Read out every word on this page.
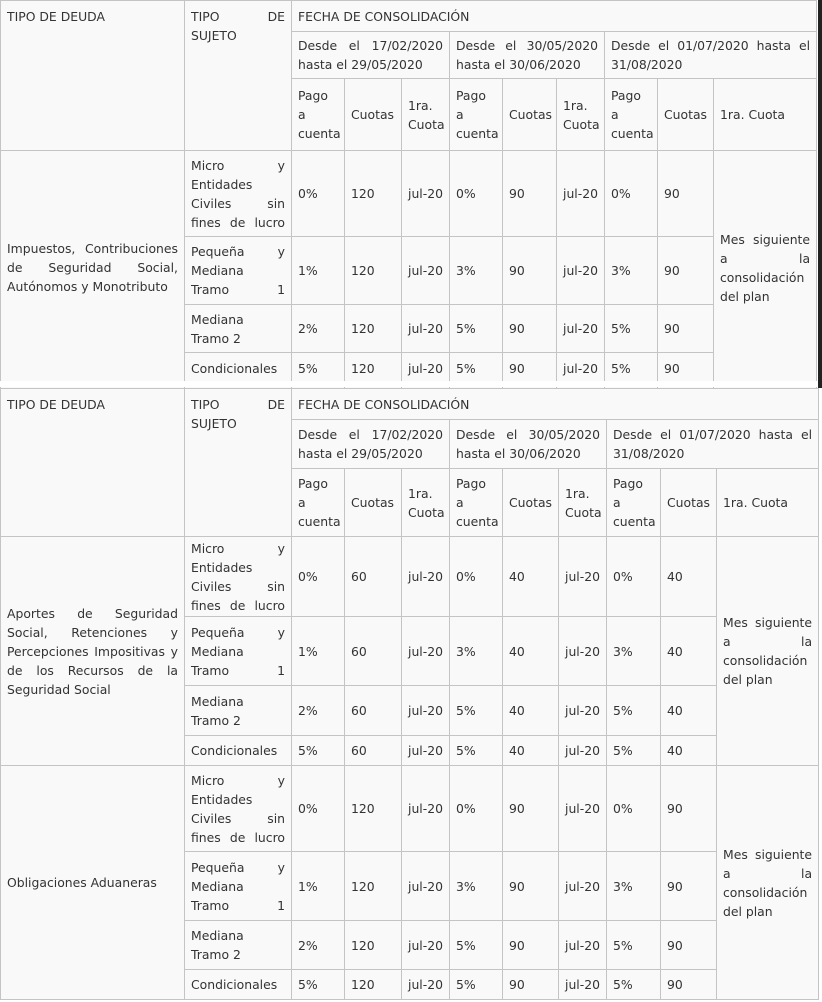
TIPO DE DEUDA	TIPO DE SUJETO	FECHA DE CONSOLIDACIÓN								
		Desde el 17/02/2020 hasta el 29/05/2020			Desde el 30/05/2020 hasta el 30/06/2020			Desde el 01/07/2020 hasta el 31/08/2020		
		Pago a cuenta	Cuotas	1ra. Cuota	Pago a cuenta	Cuotas	1ra. Cuota	Pago a cuenta	Cuotas	1ra. Cuota
Impuestos, Contribuciones de Seguridad Social, Autónomos y Monotributo	Micro y Entidades Civiles sin fines de lucro	0%	120	jul-20	0%	90	jul-20	0%	90	Mes siguiente a la consolidación del plan
	Pequeña y Mediana Tramo 1	1%	120	jul-20	3%	90	jul-20	3%	90	
	Mediana Tramo 2	2%	120	jul-20	5%	90	jul-20	5%	90	
	Condicionales	5%	120	jul-20	5%	90	jul-20	5%	90	

TIPO DE DEUDA	TIPO DE SUJETO	FECHA DE CONSOLIDACIÓN								
		Desde el 17/02/2020 hasta el 29/05/2020			Desde el 30/05/2020 hasta el 30/06/2020			Desde el 01/07/2020 hasta el 31/08/2020		
		Pago a cuenta	Cuotas	1ra. Cuota	Pago a cuenta	Cuotas	1ra. Cuota	Pago a cuenta	Cuotas	1ra. Cuota
Aportes de Seguridad Social, Retenciones y Percepciones Impositivas y de los Recursos de la Seguridad Social	Micro y Entidades Civiles sin fines de lucro	0%	60	jul-20	0%	40	jul-20	0%	40	Mes siguiente a la consolidación del plan
	Pequeña y Mediana Tramo 1	1%	60	jul-20	3%	40	jul-20	3%	40	
	Mediana Tramo 2	2%	60	jul-20	5%	40	jul-20	5%	40	
	Condicionales	5%	60	jul-20	5%	40	jul-20	5%	40	
Obligaciones Aduaneras	Micro y Entidades Civiles sin fines de lucro	0%	120	jul-20	0%	90	jul-20	0%	90	Mes siguiente a la consolidación del plan
	Pequeña y Mediana Tramo 1	1%	120	jul-20	3%	90	jul-20	3%	90	
	Mediana Tramo 2	2%	120	jul-20	5%	90	jul-20	5%	90	
	Condicionales	5%	120	jul-20	5%	90	jul-20	5%	90	
